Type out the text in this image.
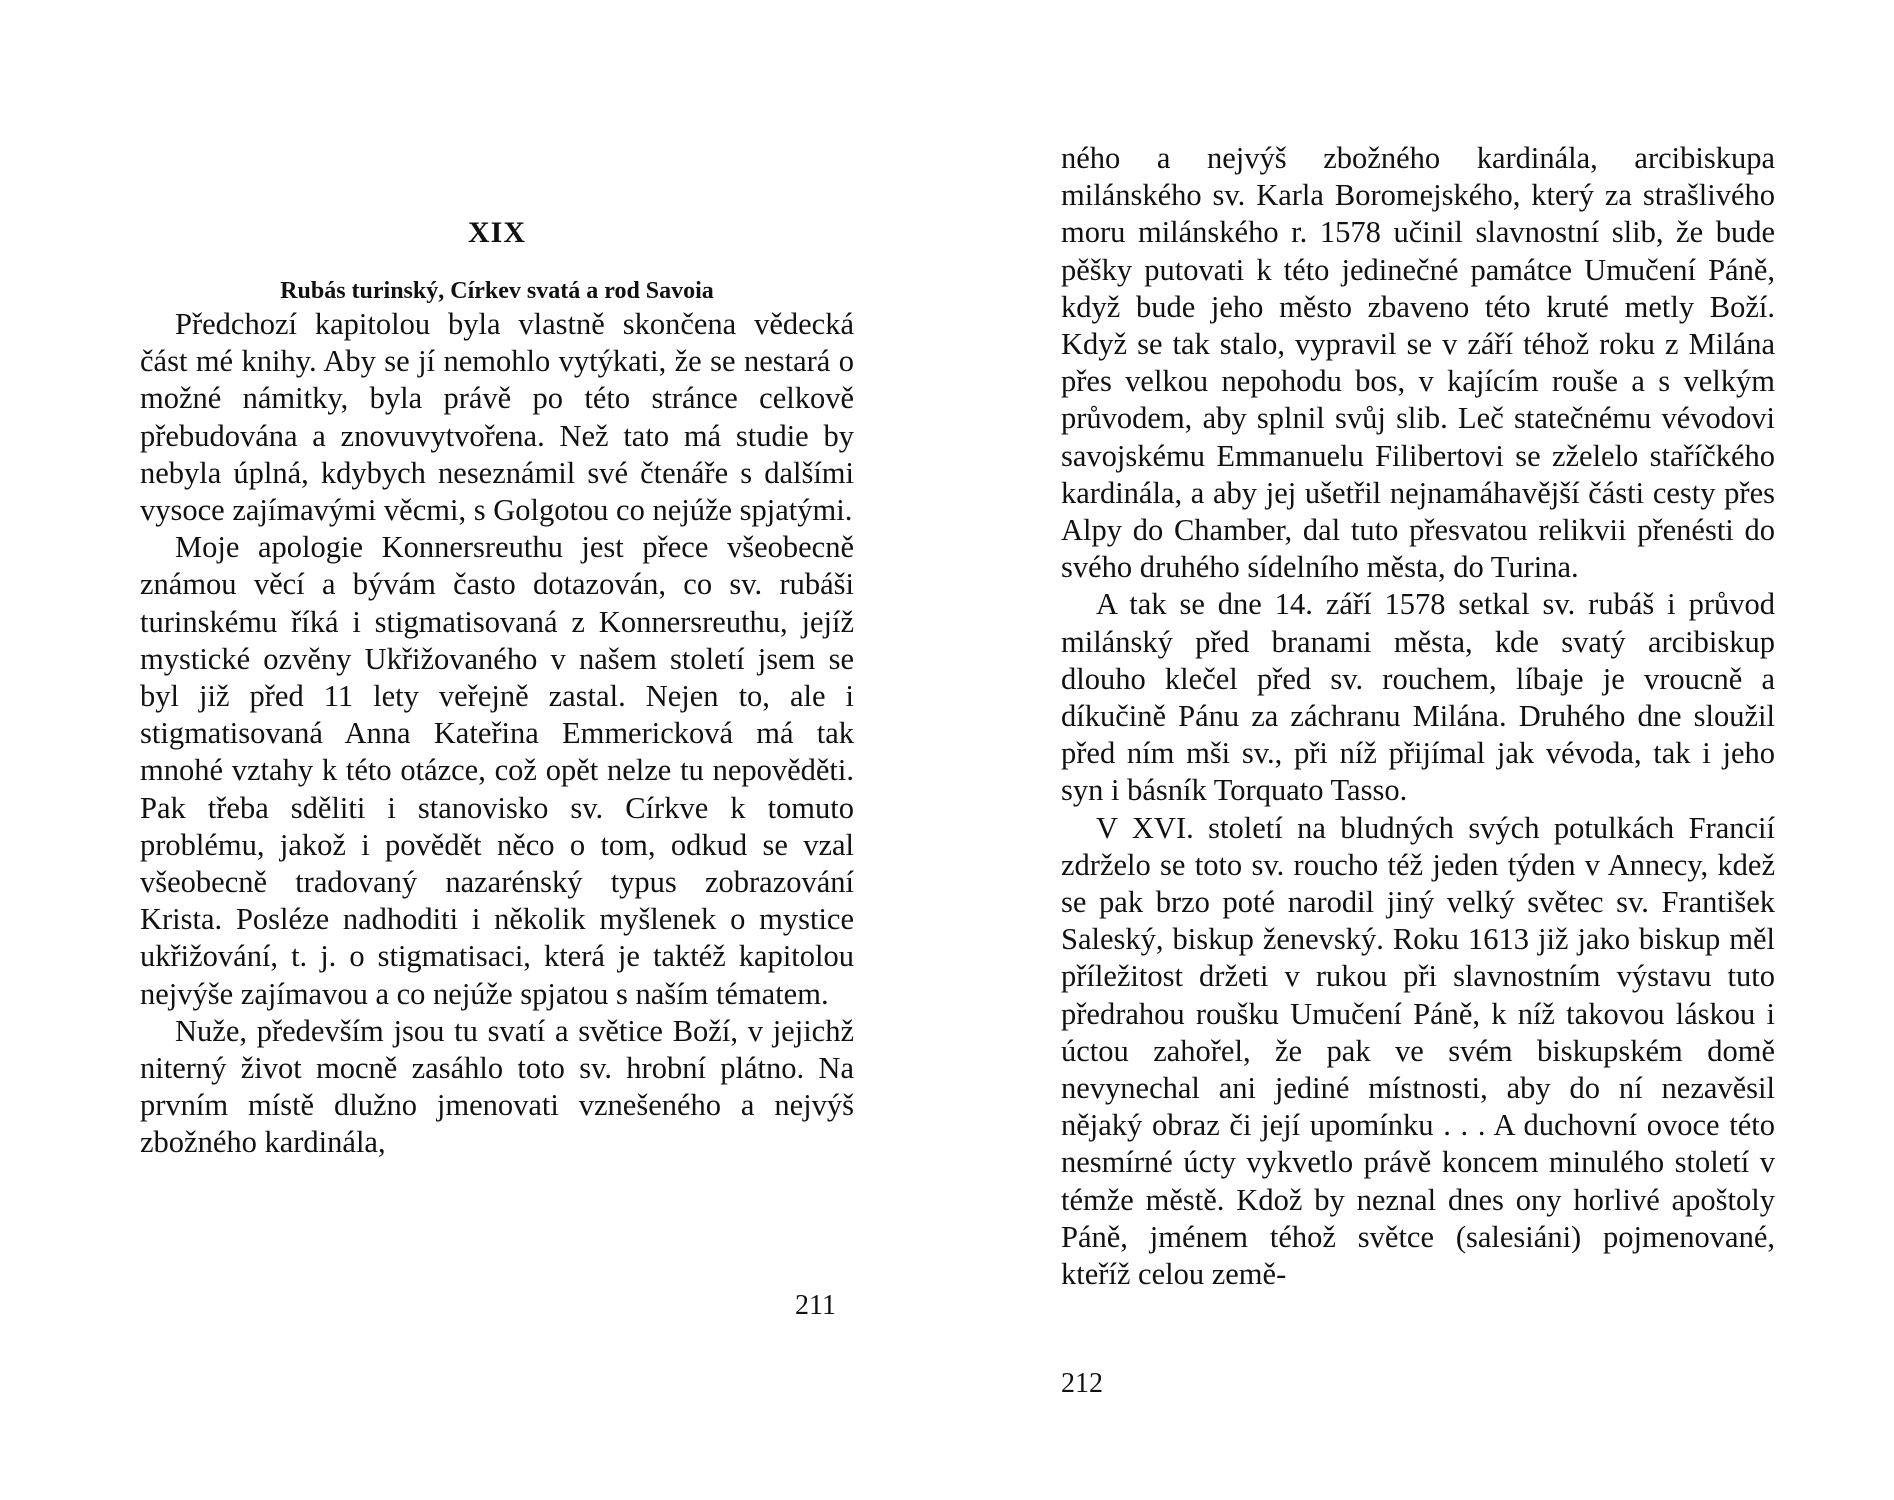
XIX
Rubás turinský, Církev svatá a rod Savoia

Předchozí kapitolou byla vlastně skončena vědecká část mé knihy. Aby se jí nemohlo vytýkati, že se nestará o možné námitky, byla právě po této stránce celkově přebudována a znovuvytvořena. Než tato má studie by nebyla úplná, kdybych neseznámil své čtenáře s dalšími vysoce zajímavými věcmi, s Golgotou co nejúže spjatými.

Moje apologie Konnersreuthu jest přece všeobecně známou věcí a bývám často dotazován, co sv. rubáši turinskému říká i stigmatisovaná z Konnersreuthu, jejíž mystické ozvěny Ukřižovaného v našem století jsem se byl již před 11 lety veřejně zastal. Nejen to, ale i stigmatisovaná Anna Kateřina Emmericková má tak mnohé vztahy k této otázce, což opět nelze tu nepověděti. Pak třeba sděliti i stanovisko sv. Církve k tomuto problému, jakož i povědět něco o tom, odkud se vzal všeobecně tradovaný nazarénský typus zobrazování Krista. Posléze nadhoditi i několik myšlenek o mystice ukřižování, t. j. o stigmatisaci, která je taktéž kapitolou nejvýše zajímavou a co nejúže spjatou s naším tématem.

Nuže, především jsou tu svatí a světice Boží, v jejichž niterný život mocně zasáhlo toto sv. hrobní plátno. Na prvním místě dlužno jmenovati vznešeného a nejvýš zbožného kardinála,

211

ného a nejvýš zbožného kardinála, arcibiskupa milánského sv. Karla Boromejského, který za strašlivého moru milánského r. 1578 učinil slavnostní slib, že bude pěšky putovati k této jedinečné památce Umučení Páně, když bude jeho město zbaveno této kruté metly Boží. Když se tak stalo, vypravil se v září téhož roku z Milána přes velkou nepohodu bos, v kajícím rouše a s velkým průvodem, aby splnil svůj slib. Leč statečnému vévodovi savojskému Emmanuelu Filibertovi se zželelo staříčkého kardinála, a aby jej ušetřil nejnamáhavější části cesty přes Alpy do Chamber, dal tuto přesvatou relikvii přenésti do svého druhého sídelního města, do Turina.

A tak se dne 14. září 1578 setkal sv. rubáš i průvod milánský před branami města, kde svatý arcibiskup dlouho klečel před sv. rouchem, líbaje je vroucně a díkučině Pánu za záchranu Milána. Druhého dne sloužil před ním mši sv., při níž přijímal jak vévoda, tak i jeho syn i básník Torquato Tasso.

V XVI. století na bludných svých potulkách Francií zdrželo se toto sv. roucho též jeden týden v Annecy, kdež se pak brzo poté narodil jiný velký světec sv. František Saleský, biskup ženevský. Roku 1613 již jako biskup měl příležitost držeti v rukou při slavnostním výstavu tuto předrahou roušku Umučení Páně, k níž takovou láskou i úctou zahořel, že pak ve svém biskupském domě nevynechal ani jediné místnosti, aby do ní nezavěsil nějaký obraz či její upomínku . . . A duchovní ovoce této nesmírné úcty vykvetlo právě koncem minulého století v témže městě. Kdož by neznal dnes ony horlivé apoštoly Páně, jménem téhož světce (salesiáni) pojmenované, kteříž celou země-

212
